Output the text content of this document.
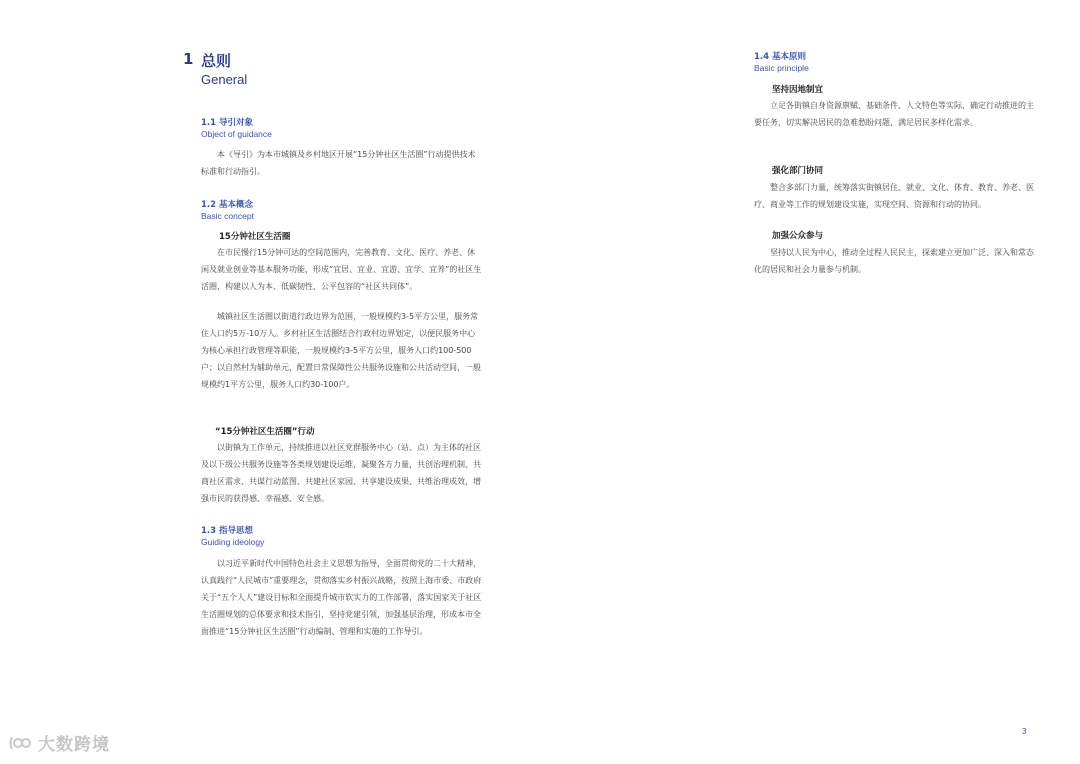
1 总则
General
1.1 导引对象
Object of guidance

本《导引》为本市城镇及乡村地区开展“15分钟社区生活圈”行动提供技术标准和行动指引。

1.2 基本概念
Basic concept
15分钟社区生活圈

在市民慢行15分钟可达的空间范围内，完善教育、文化、医疗、养老、休闲及就业创业等基本服务功能，形成“宜居、宜业、宜游、宜学、宜养”的社区生活圈，构建以人为本、低碳韧性、公平包容的“社区共同体”。

城镇社区生活圈以街道行政边界为范围，一般规模约3-5平方公里，服务常住人口约5万-10万人。乡村社区生活圈结合行政村边界划定，以便民服务中心为核心承担行政管理等职能，一般规模约3-5平方公里，服务人口约100-500户；以自然村为辅助单元，配置日常保障性公共服务设施和公共活动空间，一般规模约1平方公里，服务人口约30-100户。

“15分钟社区生活圈”行动

以街镇为工作单元，持续推进以社区党群服务中心（站、点）为主体的社区及以下级公共服务设施等各类规划建设运维，凝聚各方力量，共创治理机制、共商社区需求、共谋行动蓝图、共建社区家园、共享建设成果、共维治理成效，增强市民的获得感、幸福感、安全感。

1.3 指导思想
Guiding ideology

以习近平新时代中国特色社会主义思想为指导，全面贯彻党的二十大精神，认真践行“人民城市”重要理念，贯彻落实乡村振兴战略，按照上海市委、市政府关于“五个人人”建设目标和全面提升城市软实力的工作部署，落实国家关于社区生活圈规划的总体要求和技术指引，坚持党建引领，加强基层治理，形成本市全面推进“15分钟社区生活圈”行动编制、管理和实施的工作导引。

1.4 基本原则
Basic principle
坚持因地制宜

立足各街镇自身资源禀赋、基础条件、人文特色等实际，确定行动推进的主要任务，切实解决居民的急难愁盼问题，满足居民多样化需求。

强化部门协同

整合多部门力量，统筹落实街镇居住、就业、文化、体育、教育、养老、医疗、商业等工作的规划建设实施，实现空间、资源和行动的协同。

加强公众参与

坚持以人民为中心，推动全过程人民民主，探索建立更加广泛、深入和常态化的居民和社会力量参与机制。

3
大数跨境
